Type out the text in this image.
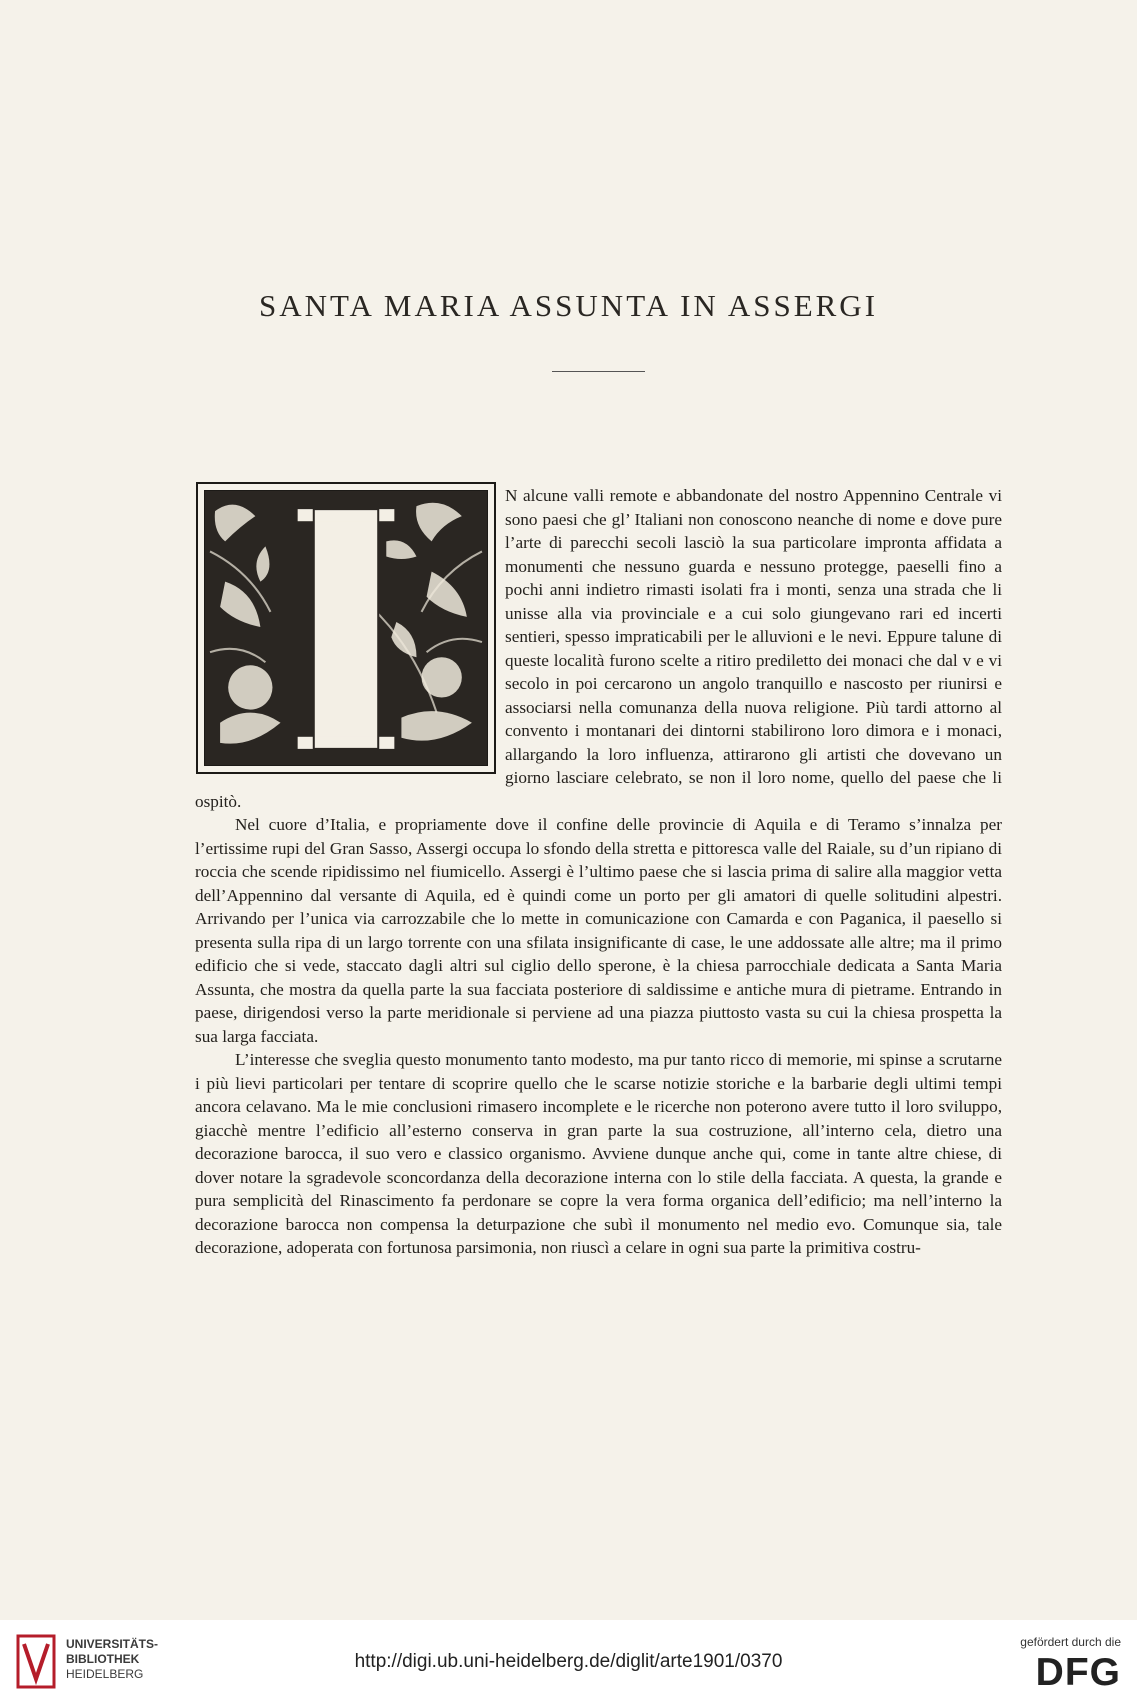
SANTA MARIA ASSUNTA IN ASSERGI

N alcune valli remote e abbandonate del nostro Appennino Centrale vi sono paesi che gl’ Italiani non conoscono neanche di nome e dove pure l’arte di parecchi secoli lasciò la sua particolare impronta affidata a monumenti che nessuno guarda e nessuno protegge, paeselli fino a pochi anni indietro rimasti isolati fra i monti, senza una strada che li unisse alla via provinciale e a cui solo giungevano rari ed incerti sentieri, spesso impraticabili per le alluvioni e le nevi. Eppure talune di queste località furono scelte a ritiro prediletto dei monaci che dal v e vi secolo in poi cercarono un angolo tranquillo e nascosto per riunirsi e associarsi nella comunanza della nuova religione. Più tardi attorno al convento i montanari dei dintorni stabilirono loro dimora e i monaci, allargando la loro influenza, attirarono gli artisti che dovevano un giorno lasciare celebrato, se non il loro nome, quello del paese che li ospitò.

Nel cuore d’Italia, e propriamente dove il confine delle provincie di Aquila e di Teramo s’innalza per l’ertissime rupi del Gran Sasso, Assergi occupa lo sfondo della stretta e pittoresca valle del Raiale, su d’un ripiano di roccia che scende ripidissimo nel fiumicello. Assergi è l’ultimo paese che si lascia prima di salire alla maggior vetta dell’Appennino dal versante di Aquila, ed è quindi come un porto per gli amatori di quelle solitudini alpestri. Arrivando per l’unica via carrozzabile che lo mette in comunicazione con Camarda e con Paganica, il paesello si presenta sulla ripa di un largo torrente con una sfilata insignificante di case, le une addossate alle altre; ma il primo edificio che si vede, staccato dagli altri sul ciglio dello sperone, è la chiesa parrocchiale dedicata a Santa Maria Assunta, che mostra da quella parte la sua facciata posteriore di saldissime e antiche mura di pietrame. Entrando in paese, dirigendosi verso la parte meridionale si perviene ad una piazza piuttosto vasta su cui la chiesa prospetta la sua larga facciata.

L’interesse che sveglia questo monumento tanto modesto, ma pur tanto ricco di memorie, mi spinse a scrutarne i più lievi particolari per tentare di scoprire quello che le scarse notizie storiche e la barbarie degli ultimi tempi ancora celavano. Ma le mie conclusioni rimasero incomplete e le ricerche non poterono avere tutto il loro sviluppo, giacchè mentre l’edificio all’esterno conserva in gran parte la sua costruzione, all’interno cela, dietro una decorazione barocca, il suo vero e classico organismo. Avviene dunque anche qui, come in tante altre chiese, di dover notare la sgradevole sconcordanza della decorazione interna con lo stile della facciata. A questa, la grande e pura semplicità del Rinascimento fa perdonare se copre la vera forma organica dell’edificio; ma nell’interno la decorazione barocca non compensa la deturpazione che subì il monumento nel medio evo. Comunque sia, tale decorazione, adoperata con fortunosa parsimonia, non riuscì a celare in ogni sua parte la primitiva costru-

UNIVERSITÄTS-
BIBLIOTHEK
HEIDELBERG
http://digi.ub.uni-heidelberg.de/diglit/arte1901/0370
gefördert durch die
DFG
